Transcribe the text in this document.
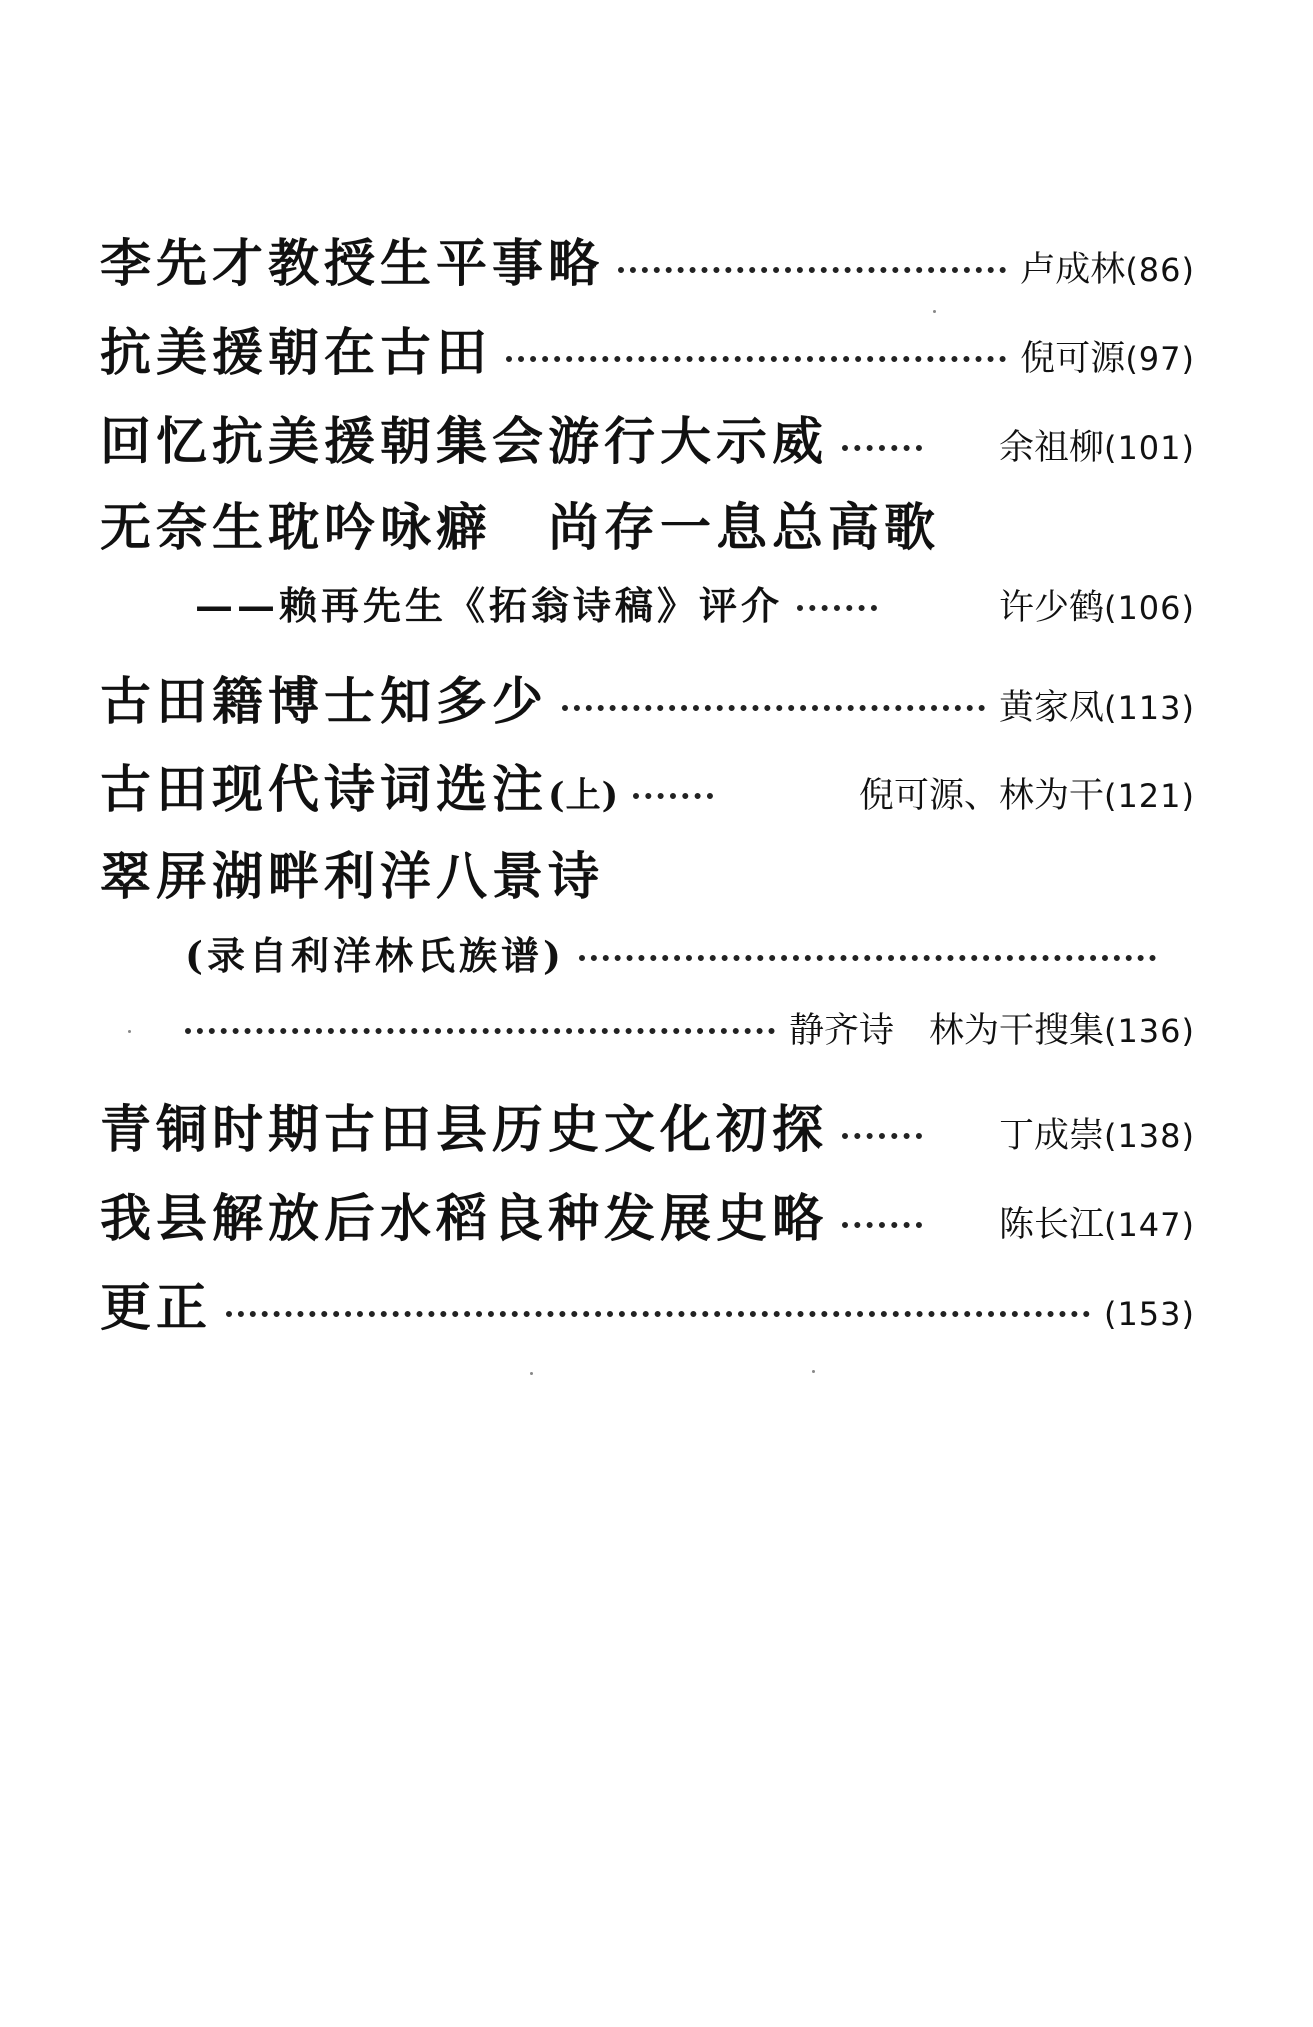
李先才教授生平事略	卢成林 (86)
抗美援朝在古田	倪可源 (97)
回忆抗美援朝集会游行大示威	余祖柳 (101)
无奈生耽吟咏癖　尚存一息总高歌
——赖再先生《拓翁诗稿》评介	许少鹤 (106)
古田籍博士知多少	黄家凤 (113)
古田现代诗词选注 (上)	倪可源、林为干 (121)
翠屏湖畔利洋八景诗
(录自利洋林氏族谱)
静齐诗　林为干搜集 (136)
青铜时期古田县历史文化初探	丁成崇 (138)
我县解放后水稻良种发展史略	陈长江 (147)
更正	(153)
